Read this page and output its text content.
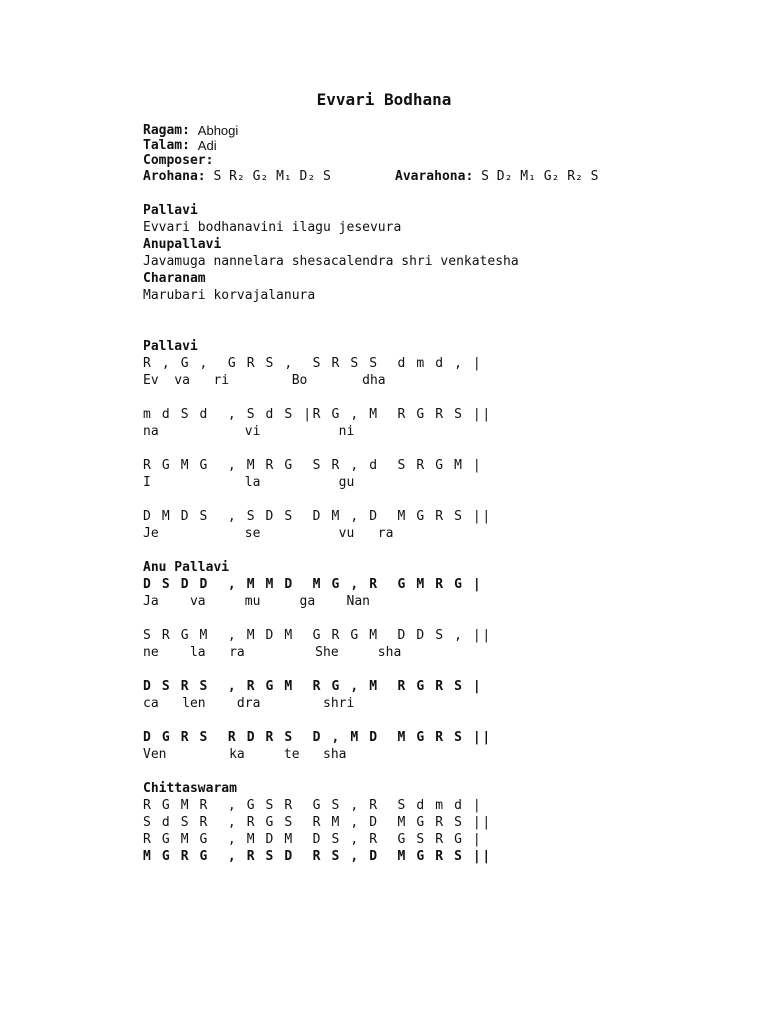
Evvari Bodhana
Ragam:
Abhogi
Talam:
Adi
Composer:

Arohana: S R₂ G₂ M₁ D₂ S	Avarahona: S D₂ M₁ G₂ R₂ S
Pallavi
Evvari bodhanavini ilagu jesevura
Anupallavi
Javamuga nannelara shesacalendra shri venkatesha
Charanam
Marubari korvajalanura
Pallavi
R , G ,  G R S ,  S R S S  d m d , |
Ev  va   ri        Bo       dha
m d S d  , S d S |R G , M  R G R S ||
na           vi          ni
R G M G  , M R G  S R , d  S R G M |
I            la          gu
D M D S  , S D S  D M , D  M G R S ||
Je           se          vu   ra
Anu Pallavi
D S D D  , M M D  M G , R  G M R G |
Ja    va     mu     ga    Nan
S R G M  , M D M  G R G M  D D S , ||
ne    la   ra         She     sha
D S R S  , R G M  R G , M  R G R S |
ca   len    dra        shri
D G R S  R D R S  D , M D  M G R S ||
Ven        ka     te   sha
Chittaswaram
R G M R  , G S R  G S , R  S d m d |
S d S R  , R G S  R M , D  M G R S ||
R G M G  , M D M  D S , R  G S R G |
M G R G  , R S D  R S , D  M G R S ||
